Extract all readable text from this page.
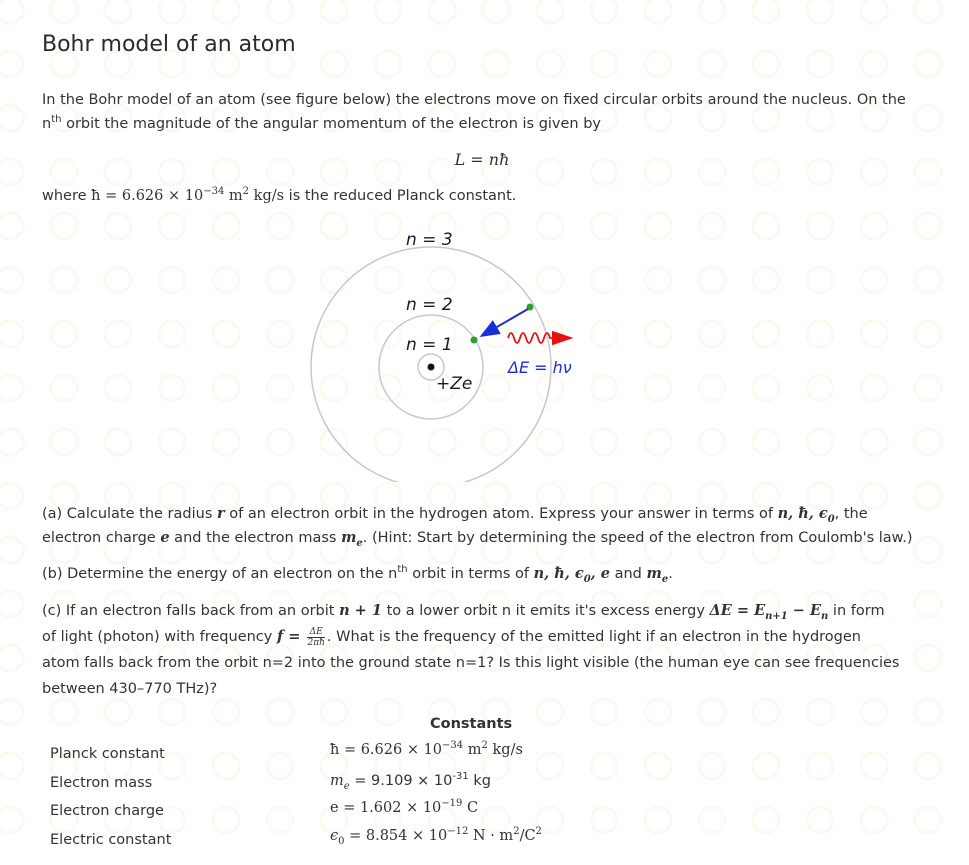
Bohr model of an atom

In the Bohr model of an atom (see figure below) the electrons move on fixed circular orbits around the nucleus. On the
$n^{th}$ orbit the magnitude of the angular momentum of the electron is given by

L = nħ

where ħ = $6.626 \times 10^{-34}$ $m^2$ kg/s is the reduced Planck constant.

n = 3
n = 2
n = 1
+Ze
ΔE = hν

(a) Calculate the radius r of an electron orbit in the hydrogen atom. Express your answer in terms of n, ħ, $\epsilon_0$, the
electron charge e and the electron mass $m_e$. (Hint: Start by determining the speed of the electron from Coulomb's law.)

(b) Determine the energy of an electron on the $n^{th}$ orbit in terms of n, ħ, $\epsilon_0$, e and $m_e$.

(c) If an electron falls back from an orbit n + 1 to a lower orbit n it emits it's excess energy $\Delta E = E_{n+1} - E_n$ in form
of light (photon) with frequency $f = \frac{\Delta E}{2\pi ħ}$ . What is the frequency of the emitted light if an electron in the hydrogen
atom falls back from the orbit n=2 into the ground state n=1? Is this light visible (the human eye can see frequencies
between 430–770 THz)?

Constants
Planck constant	ħ = $6.626 \times 10^{-34}$ $m^2$ kg/s
Electron mass	$m_e = 9.109 \times 10^{-31}$ kg
Electron charge	$e = 1.602 \times 10^{-19}$ C
Electric constant	$\epsilon_0 = 8.854 \times 10^{-12}$ $N \cdot m^2/C^2$
